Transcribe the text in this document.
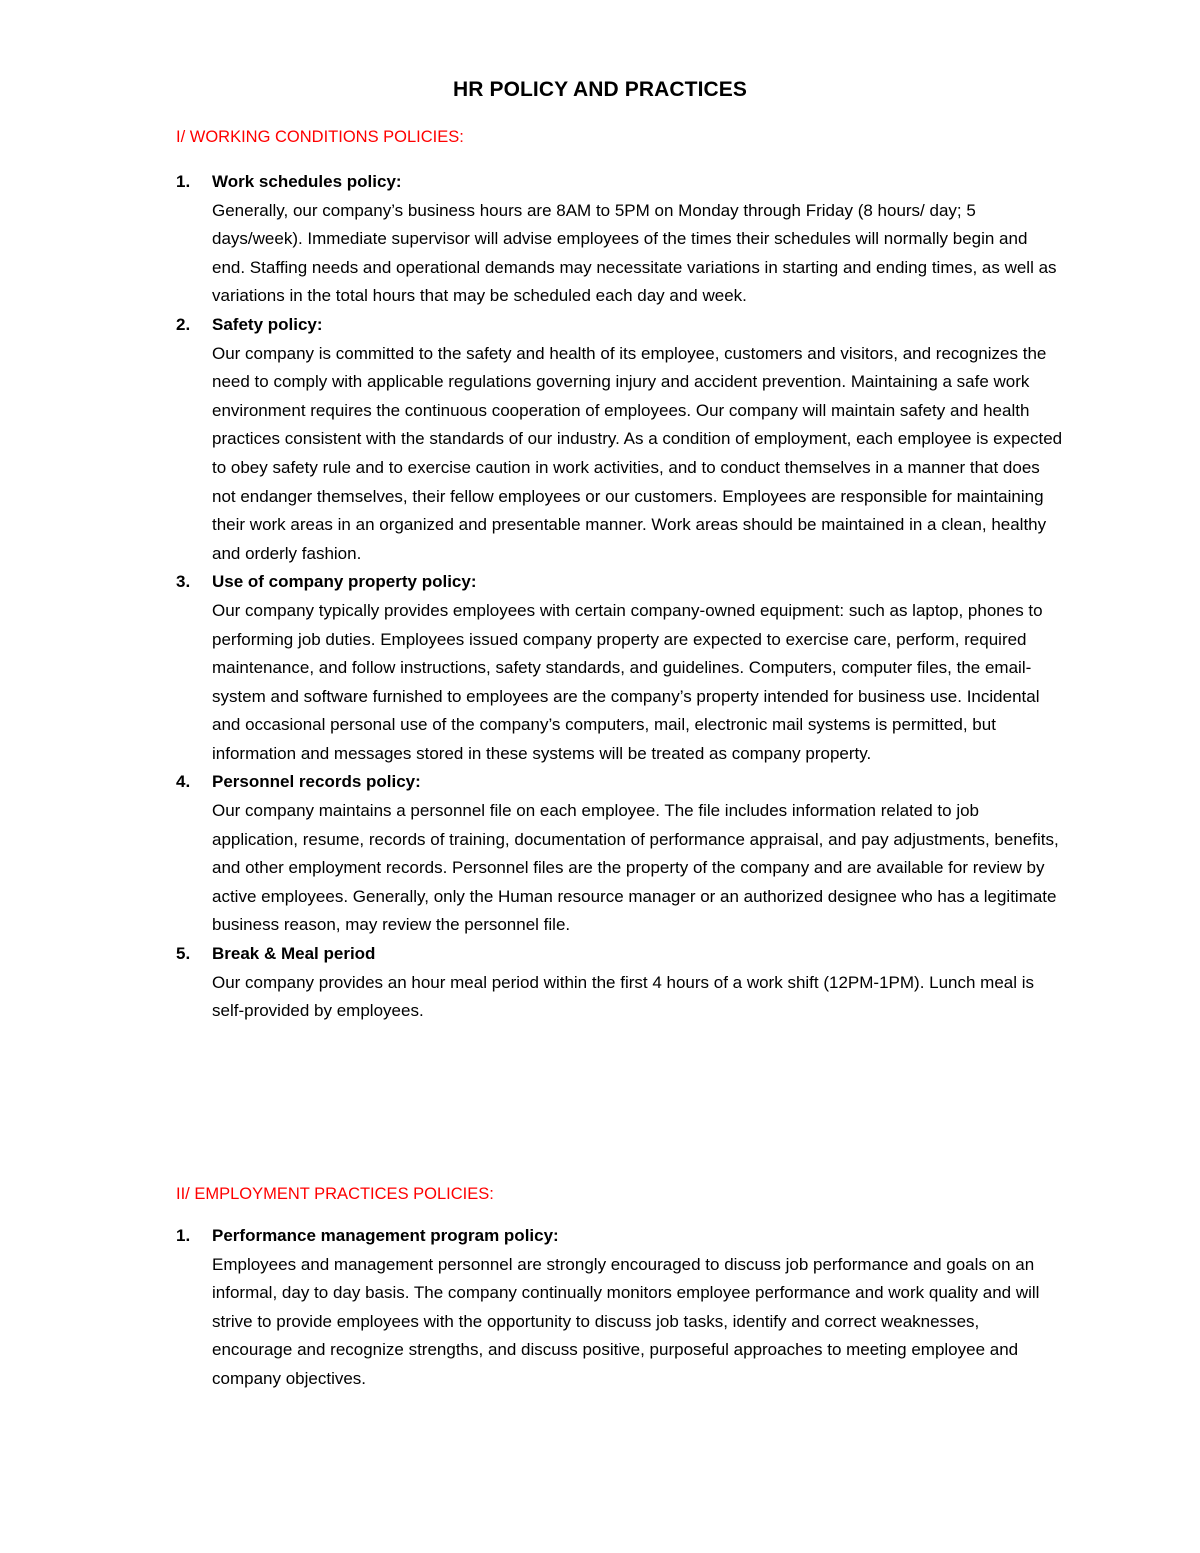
HR POLICY AND PRACTICES
I/ WORKING CONDITIONS POLICIES:
1. Work schedules policy:

Generally, our company’s business hours are 8AM to 5PM on Monday through Friday (8 hours/ day; 5 days/week). Immediate supervisor will advise employees of the times their schedules will normally begin and end. Staffing needs and operational demands may necessitate variations in starting and ending times, as well as variations in the total hours that may be scheduled each day and week.

2. Safety policy:

Our company is committed to the safety and health of its employee, customers and visitors, and recognizes the need to comply with applicable regulations governing injury and accident prevention. Maintaining a safe work environment requires the continuous cooperation of employees. Our company will maintain safety and health practices consistent with the standards of our industry. As a condition of employment, each employee is expected to obey safety rule and to exercise caution in work activities, and to conduct themselves in a manner that does not endanger themselves, their fellow employees or our customers. Employees are responsible for maintaining their work areas in an organized and presentable manner. Work areas should be maintained in a clean, healthy and orderly fashion.

3. Use of company property policy:

Our company typically provides employees with certain company-owned equipment: such as laptop, phones to performing job duties. Employees issued company property are expected to exercise care, perform, required maintenance, and follow instructions, safety standards, and guidelines. Computers, computer files, the email-system and software furnished to employees are the company’s property intended for business use. Incidental and occasional personal use of the company’s computers, mail, electronic mail systems is permitted, but information and messages stored in these systems will be treated as company property.

4. Personnel records policy:

Our company maintains a personnel file on each employee. The file includes information related to job application, resume, records of training, documentation of performance appraisal, and pay adjustments, benefits, and other employment records. Personnel files are the property of the company and are available for review by active employees. Generally, only the Human resource manager or an authorized designee who has a legitimate business reason, may review the personnel file.

5. Break & Meal period

Our company provides an hour meal period within the first 4 hours of a work shift (12PM-1PM). Lunch meal is self-provided by employees.

II/ EMPLOYMENT PRACTICES POLICIES:
1. Performance management program policy:

Employees and management personnel are strongly encouraged to discuss job performance and goals on an informal, day to day basis. The company continually monitors employee performance and work quality and will strive to provide employees with the opportunity to discuss job tasks, identify and correct weaknesses, encourage and recognize strengths, and discuss positive, purposeful approaches to meeting employee and company objectives.
